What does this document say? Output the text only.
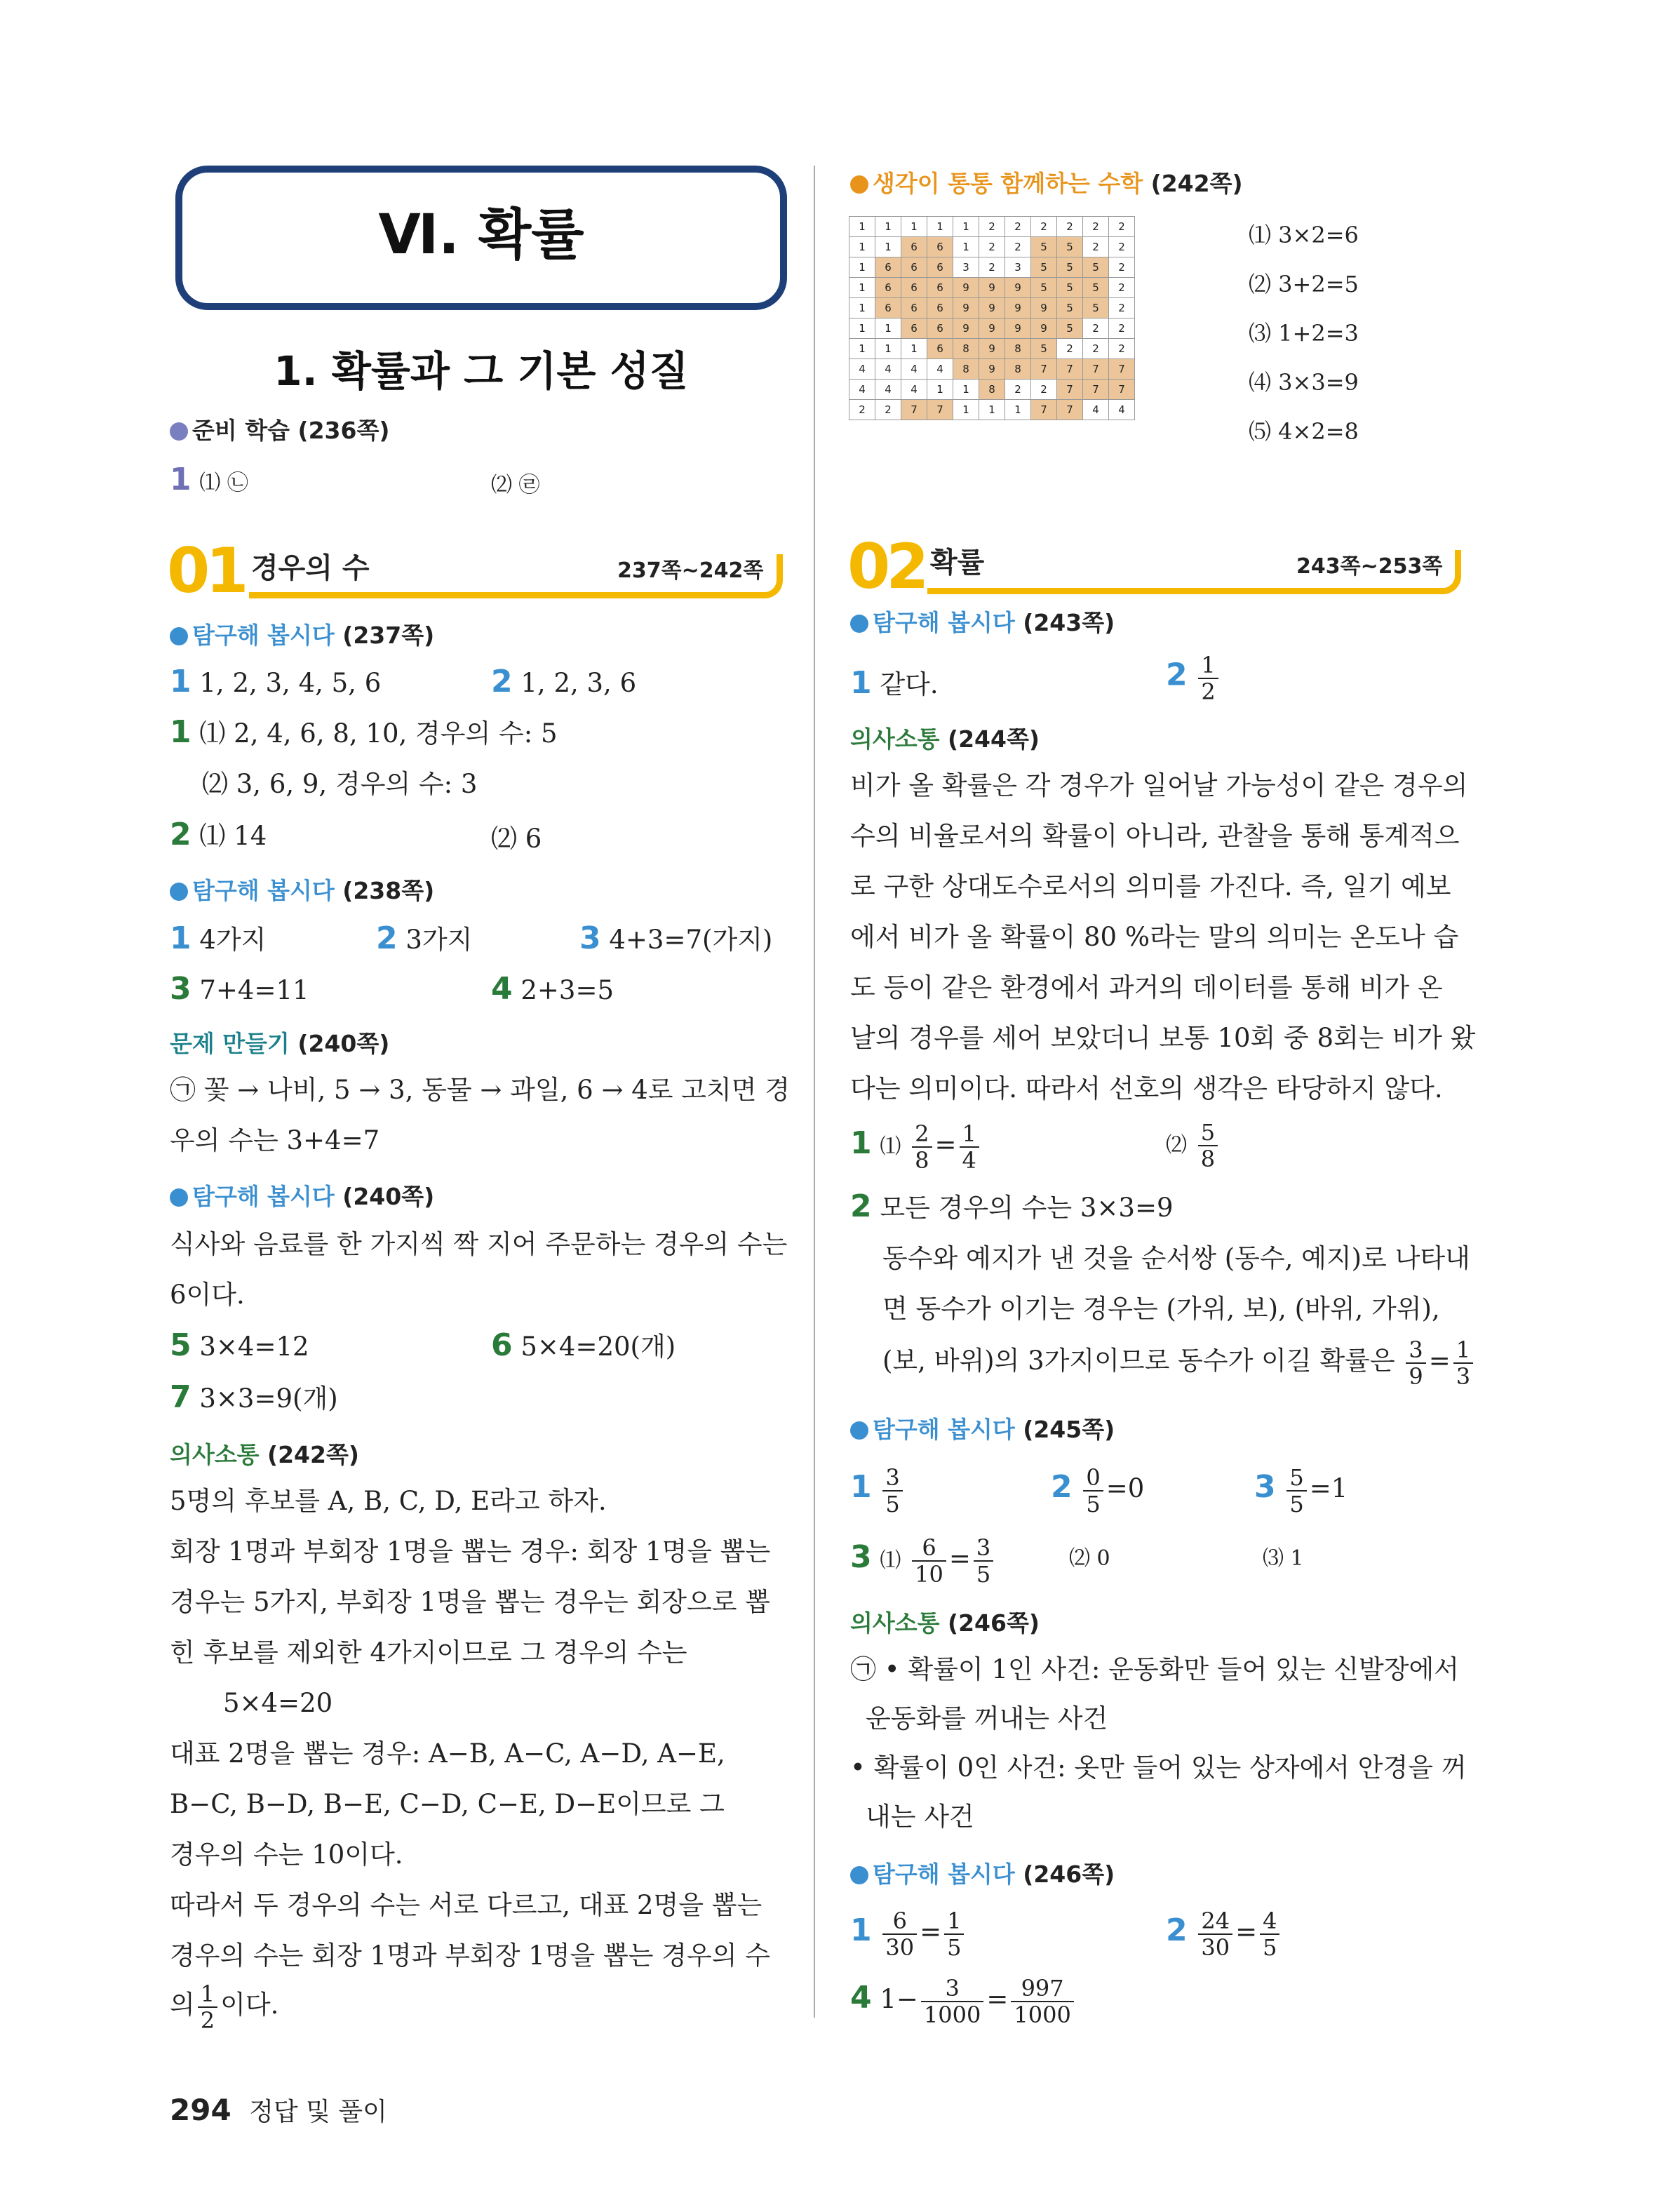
Ⅵ. 확률
1. 확률과 그 기본 성질
준비 학습 (236쪽)
1 ⑴ ㉡	⑵ ㉣
01 경우의 수	237쪽~242쪽
탐구해 봅시다 (237쪽)
1 1, 2, 3, 4, 5, 6	2 1, 2, 3, 6
1 ⑴ 2, 4, 6, 8, 10, 경우의 수: 5
⑵ 3, 6, 9, 경우의 수: 3
2 ⑴ 14	⑵ 6
탐구해 봅시다 (238쪽)
1 4가지	2 3가지	3 4+3=7(가지)
3 7+4=11	4 2+3=5
문제 만들기 (240쪽)
㉠ 꽃 → 나비, 5 → 3, 동물 → 과일, 6 → 4로 고치면 경
우의 수는 3+4=7
탐구해 봅시다 (240쪽)
식사와 음료를 한 가지씩 짝 지어 주문하는 경우의 수는
6이다.
5 3×4=12	6 5×4=20(개)
7 3×3=9(개)
의사소통 (242쪽)
5명의 후보를 A, B, C, D, E라고 하자.
회장 1명과 부회장 1명을 뽑는 경우: 회장 1명을 뽑는
경우는 5가지, 부회장 1명을 뽑는 경우는 회장으로 뽑
힌 후보를 제외한 4가지이므로 그 경우의 수는
5×4=20
대표 2명을 뽑는 경우: A−B, A−C, A−D, A−E,
B−C, B−D, B−E, C−D, C−E, D−E이므로 그
경우의 수는 10이다.
따라서 두 경우의 수는 서로 다르고, 대표 2명을 뽑는
경우의 수는 회장 1명과 부회장 1명을 뽑는 경우의 수
의 $\frac{1}{2}$ 이다.
생각이 통통 함께하는 수학 (242쪽)
1	1	1	1	1	2	2	2	2	2	2
1	1	6	6	1	2	2	5	5	2	2
1	6	6	6	3	2	3	5	5	5	2
1	6	6	6	9	9	9	5	5	5	2
1	6	6	6	9	9	9	9	5	5	2
1	1	6	6	9	9	9	9	5	2	2
1	1	1	6	8	9	8	5	2	2	2
4	4	4	4	8	9	8	7	7	7	7
4	4	4	1	1	8	2	2	7	7	7
2	2	7	7	1	1	1	7	7	4	4
⑴ 3×2=6
⑵ 3+2=5
⑶ 1+2=3
⑷ 3×3=9
⑸ 4×2=8
02 확률	243쪽~253쪽
탐구해 봅시다 (243쪽)
1 같다.	$2 \frac{1}{2}$
의사소통 (244쪽)
비가 올 확률은 각 경우가 일어날 가능성이 같은 경우의
수의 비율로서의 확률이 아니라, 관찰을 통해 통계적으
로 구한 상대도수로서의 의미를 가진다. 즉, 일기 예보
에서 비가 올 확률이 80 %라는 말의 의미는 온도나 습
도 등이 같은 환경에서 과거의 데이터를 통해 비가 온
날의 경우를 세어 보았더니 보통 10회 중 8회는 비가 왔
다는 의미이다. 따라서 선호의 생각은 타당하지 않다.
1 ⑴ $\frac{2}{8} = \frac{1}{4}$	⑵ $\frac{5}{8}$
2 모든 경우의 수는 3×3=9
동수와 예지가 낸 것을 순서쌍 (동수, 예지)로 나타내
면 동수가 이기는 경우는 (가위, 보), (바위, 가위),
(보, 바위)의 3가지이므로 동수가 이길 확률은 $\frac{3}{9} = \frac{1}{3}$
탐구해 봅시다 (245쪽)
$1 \frac{3}{5}$	$2 \frac{0}{5} =0$	$3 \frac{5}{5} =1$
3 ⑴ $\frac{6}{10} = \frac{3}{5}$	⑵ 0	⑶ 1
의사소통 (246쪽)
㉠ • 확률이 1인 사건: 운동화만 들어 있는 신발장에서
운동화를 꺼내는 사건
• 확률이 0인 사건: 옷만 들어 있는 상자에서 안경을 꺼
내는 사건
탐구해 봅시다 (246쪽)
$1 \frac{6}{30} = \frac{1}{5}$	$2 \frac{24}{30} = \frac{4}{5}$
4 $1- \frac{3}{1000} = \frac{997}{1000}$
294 정답 및 풀이
